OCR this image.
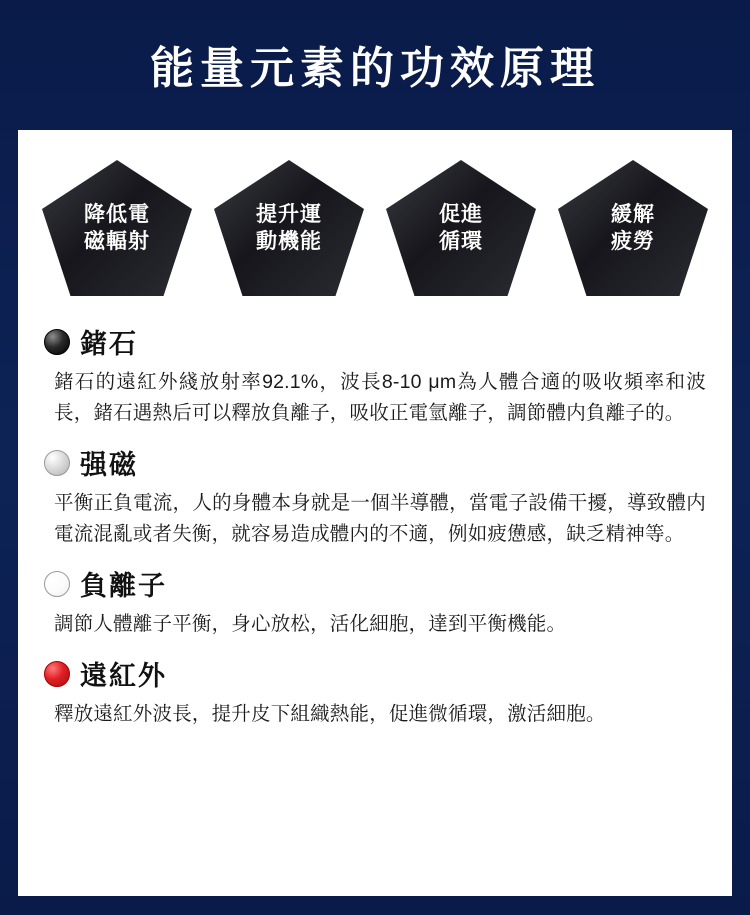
能量元素的功效原理
降低電
磁輻射
提升運
動機能
促進
循環
緩解
疲勞
鍺石
鍺石的遠紅外綫放射率92.1%，波長8-10 μm為人體合適的吸收頻率和波長，鍺石遇熱后可以釋放負離子，吸收正電氫離子，調節體内負離子的。
强磁
平衡正負電流，人的身體本身就是一個半導體，當電子設備干擾，導致體内電流混亂或者失衡，就容易造成體内的不適，例如疲憊感，缺乏精神等。
負離子
調節人體離子平衡，身心放松，活化細胞，達到平衡機能。
遠紅外
釋放遠紅外波長，提升皮下組織熱能，促進微循環，激活細胞。
